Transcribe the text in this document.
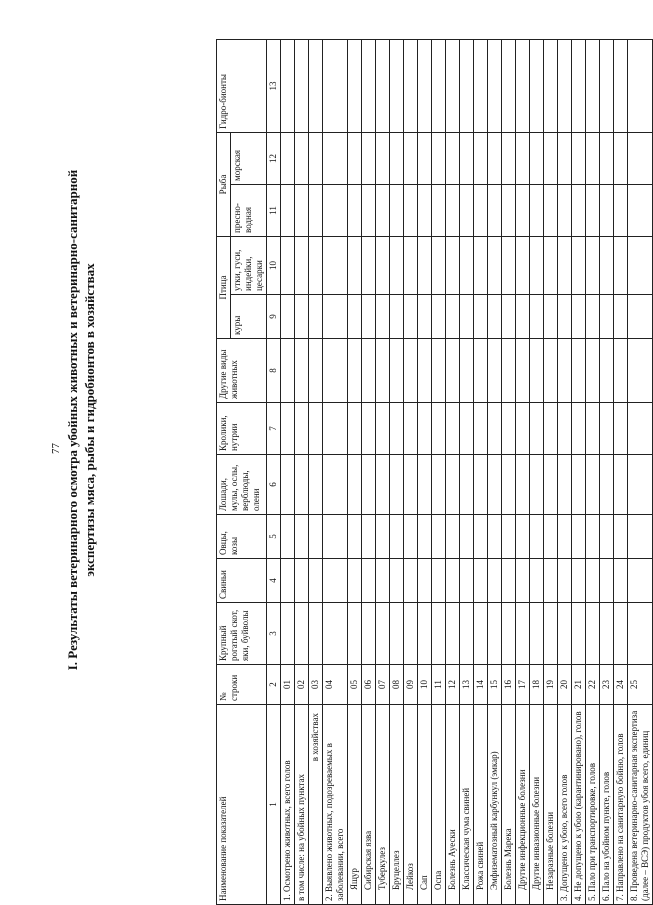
77 I. Результаты ветеринарного осмотра убойных животных и ветеринарно-санитарной экспертизы мяса, рыбы и гидробионтов в хозяйствах
Наименование показателей	№ строки	Крупный рогатый скот, яки, буйволы	Свиньи	Овцы, козы	Лошади, мулы, ослы, верблюды, олени	Кролики, нутрии	Другие виды животных	Птица		Рыба		Гидро-бионты
								куры	утки, гуси, индейки, цесарки	пресно-водная	морская	
1	2	3	4	5	6	7	8	9	10	11	12	13
1. Осмотрено животных, всего голов	01											
в том числе: на убойных пунктах	02											
в хозяйствах	03											
2. Выявлено животных, подозреваемых в заболевании, всего	04											
Ящур	05											
Сибирская язва	06											
Туберкулез	07											
Бруцеллез	08											
Лейкоз	09											
Сап	10											
Оспа	11											
Болезнь Ауески	12											
Классическая чума свиней	13											
Рожа свиней	14											
Эмфизематозный карбункул (эмкар)	15											
Болезнь Марека	16											
Другие инфекционные болезни	17											
Другие инвазионные болезни	18											
Незаразные болезни	19											
3. Допущено к убою, всего голов	20											
4. Не допущено к убою (карантинировано), голов	21											
5. Пало при транспортировке, голов	22											
6. Пало на убойном пункте, голов	23											
7. Направлено на санитарную бойню, голов	24											
8. Проведена ветеринарно-санитарная экспертиза (далее – ВСЭ) продуктов убоя всего, единиц	25											
